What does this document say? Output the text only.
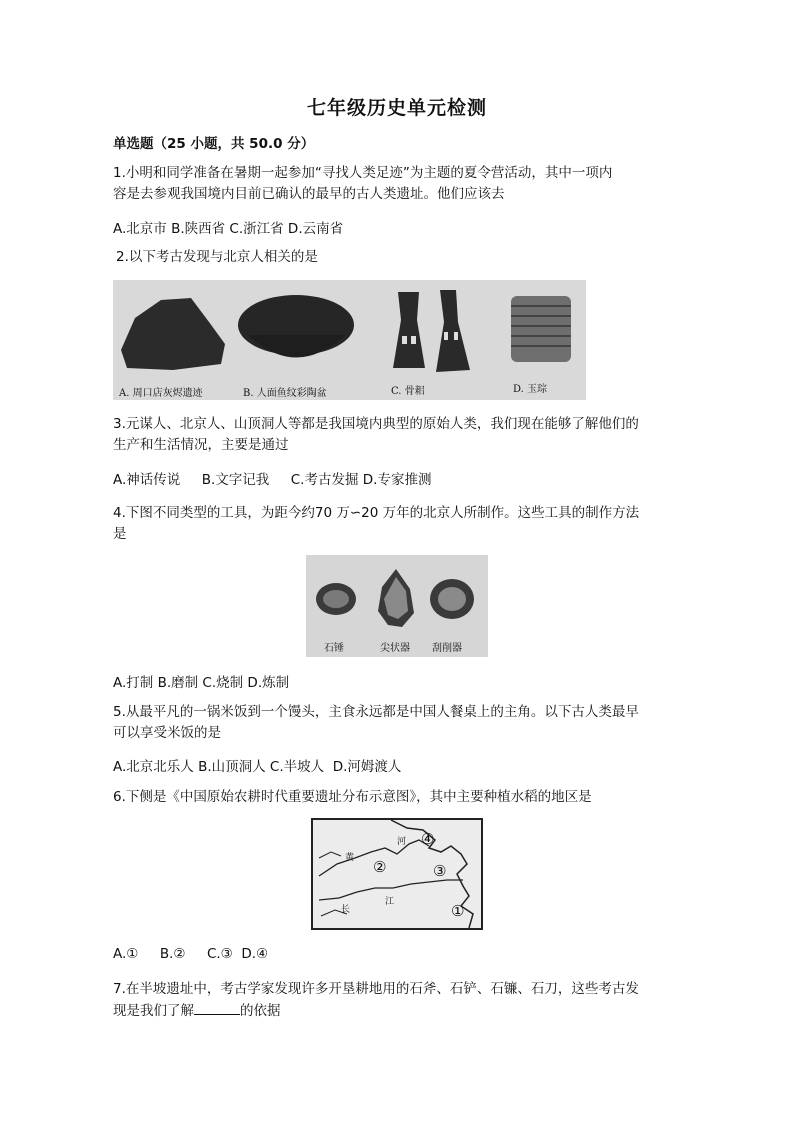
七年级历史单元检测
单选题（25 小题，共 50.0 分）
1.小明和同学准备在暑期一起参加“寻找人类足迹”为主题的夏令营活动，其中一项内
容是去参观我国境内目前已确认的最早的古人类遗址。他们应该去
A.北京市 B.陕西省 C.浙江省 D.云南省
2.以下考古发现与北京人相关的是
A. 周口店灰烬遗迹	B. 人面鱼纹彩陶盆	C. 骨耜	D. 玉琮
3.元谋人、北京人、山顶洞人等都是我国境内典型的原始人类，我们现在能够了解他们的
生产和生活情况，主要是通过
A.神话传说     B.文字记我     C.考古发掘 D.专家推测
4.下图不同类型的工具，为距今约70 万∽20 万年的北京人所制作。这些工具的制作方法
是
石锤	尖状器 刮削器
A.打制 B.磨制 C.烧制 D.炼制
5.从最平凡的一锅米饭到一个馒头，主食永远都是中国人餐桌上的主角。以下古人类最早
可以享受米饭的是
A.北京北乐人 B.山顶洞人 C.半坡人  D.河姆渡人
6.下侧是《中国原始农耕时代重要遗址分布示意图》，其中主要种植水稻的地区是
河
黄
长
江	①
②	③
④
A.①     B.②     C.③  D.④
7.在半坡遗址中，考古学家发现许多开垦耕地用的石斧、石铲、石镰、石刀，这些考古发
现是我们了解	的依据
